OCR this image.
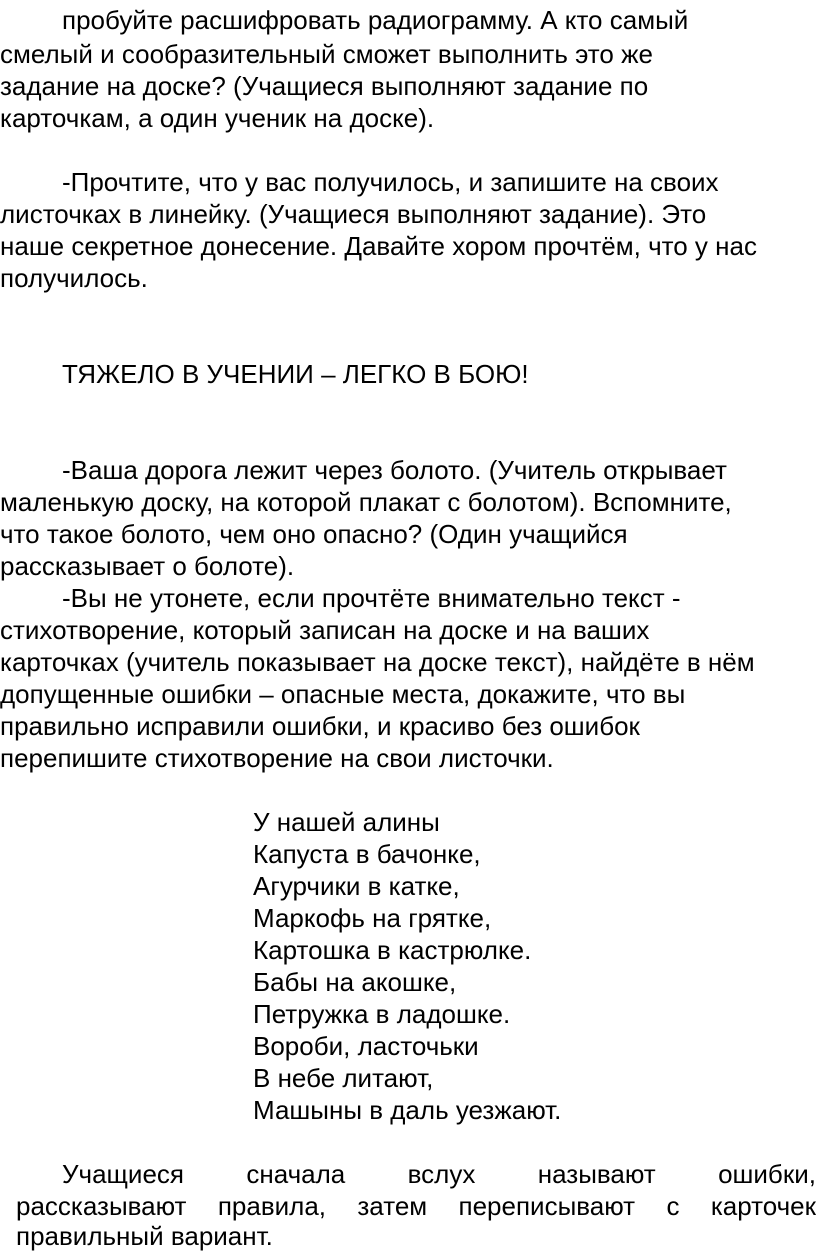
пробуйте расшифровать радиограмму. А кто самый
смелый и сообразительный сможет выполнить это же
задание на доске? (Учащиеся выполняют задание по
карточкам, а один ученик на доске).
-Прочтите, что у вас получилось, и запишите на своих
листочках в линейку. (Учащиеся выполняют задание). Это
наше секретное донесение. Давайте хором прочтём, что у нас
получилось.
ТЯЖЕЛО В УЧЕНИИ – ЛЕГКО В БОЮ!
-Ваша дорога лежит через болото. (Учитель открывает
маленькую доску, на которой плакат с болотом). Вспомните,
что такое болото, чем оно опасно? (Один учащийся
рассказывает о болоте).
-Вы не утонете, если прочтёте внимательно текст -
стихотворение, который записан на доске и на ваших
карточках (учитель показывает на доске текст), найдёте в нём
допущенные ошибки – опасные места, докажите, что вы
правильно исправили ошибки, и красиво без ошибок
перепишите стихотворение на свои листочки.
У нашей алины
Капуста в бачонке,
Агурчики в катке,
Маркофь на грятке,
Картошка в кастрюлке.
Бабы на акошке,
Петружка в ладошке.
Вороби, ласточьки
В небе литают,
Машыны в даль уезжают.
Учащиеся сначала вслух называют ошибки,
рассказывают правила, затем переписывают с карточек
правильный вариант.
